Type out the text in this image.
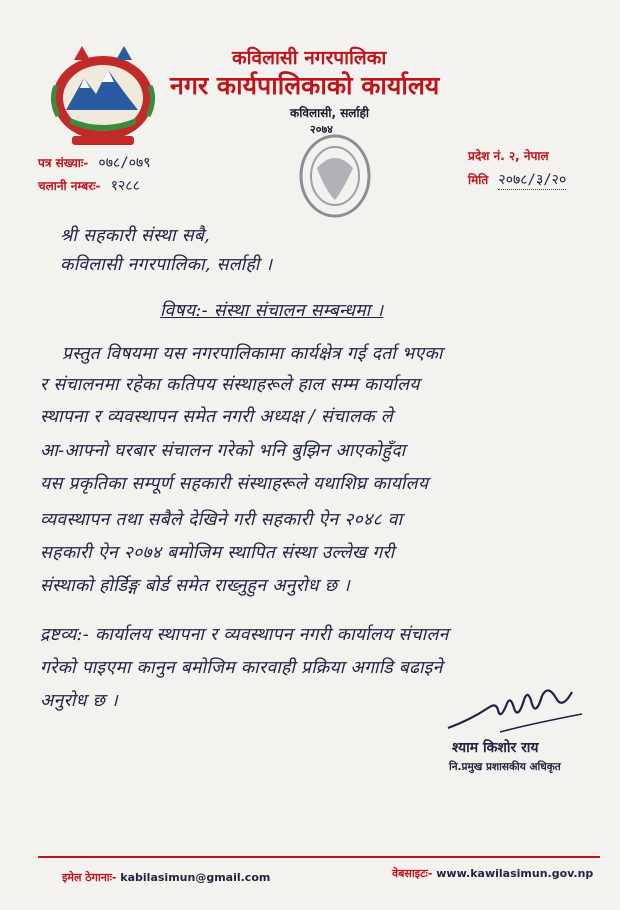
कविलासी नगरपालिका
नगर कार्यपालिकाको कार्यालय
कविलासी, सर्लाही
२०७४
पत्र संख्याः- ०७८/०७९
चलानी नम्बरः- १२८८
प्रदेश नं. २, नेपाल
मिति २०७८/३/२०
श्री सहकारी संस्था सबै,
कविलासी नगरपालिका, सर्लाही ।
विषय:- संस्था संचालन सम्बन्धमा ।
प्रस्तुत विषयमा यस नगरपालिकामा कार्यक्षेत्र गई दर्ता भएका
र संचालनमा रहेका कतिपय संस्थाहरूले हाल सम्म कार्यालय
स्थापना र व्यवस्थापन समेत नगरी अध्यक्ष / संचालक ले
आ-आफ्नो घरबार संचालन गरेको भनि बुझिन आएकोहुँदा
यस प्रकृतिका सम्पूर्ण सहकारी संस्थाहरूले यथाशिघ्र कार्यालय
व्यवस्थापन तथा सबैले देखिने गरी सहकारी ऐन २०४८ वा
सहकारी ऐन २०७४ बमोजिम स्थापित संस्था उल्लेख गरी
संस्थाको होर्डिङ्ग बोर्ड समेत राख्नुहुन अनुरोध छ ।
द्रष्टव्य:- कार्यालय स्थापना र व्यवस्थापन नगरी कार्यालय संचालन
गरेको पाइएमा कानुन बमोजिम कारवाही प्रक्रिया अगाडि बढाइने
अनुरोध छ ।
श्याम किशोर राय
नि.प्रमुख प्रशासकीय अधिकृत
इमेल ठेगानाः- kabilasimun@gmail.com	वेबसाइटः- www.kawilasimun.gov.np
